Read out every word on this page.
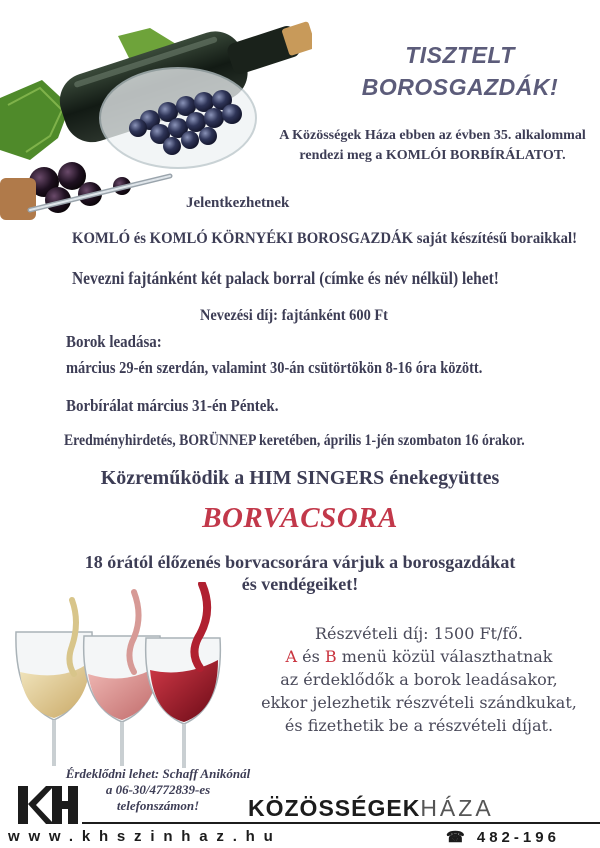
TISZTELT
BOROSGAZDÁK!
A Közösségek Háza ebben az évben 35. alkalommal rendezi meg a KOMLÓI BORBÍRÁLATOT.
Jelentkezhetnek
KOMLÓ és KOMLÓ KÖRNYÉKI BOROSGAZDÁK saját készítésű boraikkal!
Nevezni fajtánként két palack borral (címke és név nélkül) lehet!
Nevezési díj: fajtánként 600 Ft
Borok leadása:
március 29-én szerdán, valamint 30-án csütörtökön 8-16 óra között.
Borbírálat március 31-én Péntek.
Eredményhirdetés, BORÜNNEP keretében, április 1-jén szombaton 16 órakor.
Közreműködik a HIM SINGERS énekegyüttes
BORVACSORA
18 órától élőzenés borvacsorára várjuk a borosgazdákat
és vendégeiket!
Részvételi díj: 1500 Ft/fő.
A és B menü közül választhatnak
az érdeklődők a borok leadásakor,
ekkor jelezhetik részvételi szándkukat,
és fizethetik be a részvételi díjat.
Érdeklődni lehet: Schaff Anikónál
a 06-30/4772839-es
telefonszámon!	KÖZÖSSÉGEKHÁZA
www.khszinhaz.hu	☎ 482-196
